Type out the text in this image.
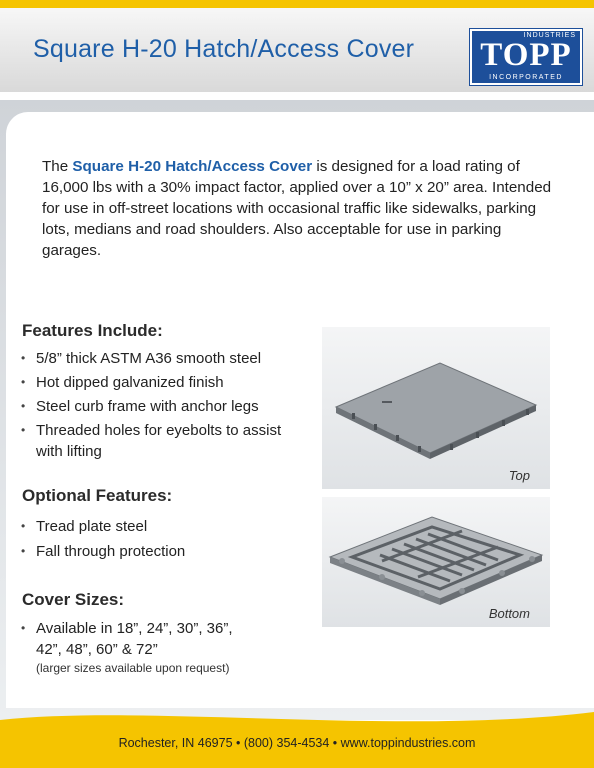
Square H-20 Hatch/Access Cover	INDUSTRIES
TOPP
INCORPORATED
The Square H-20 Hatch/Access Cover is designed for a load rating of 16,000 lbs with a 30% impact factor, applied over a 10” x 20” area. Intended for use in off-street locations with occasional traffic like sidewalks, parking lots, medians and road shoulders. Also acceptable for use in parking garages.
Features Include:
• 5/8” thick ASTM A36 smooth steel
• Hot dipped galvanized finish
• Steel curb frame with anchor legs
• Threaded holes for eyebolts to assist with lifting
Optional Features:
• Tread plate steel
• Fall through protection
Cover Sizes:
• Available in 18”, 24”, 30”, 36”, 42”, 48”, 60” & 72”
(larger sizes available upon request)
Top
Bottom
Rochester, IN 46975 • (800) 354-4534 • www.toppindustries.com
